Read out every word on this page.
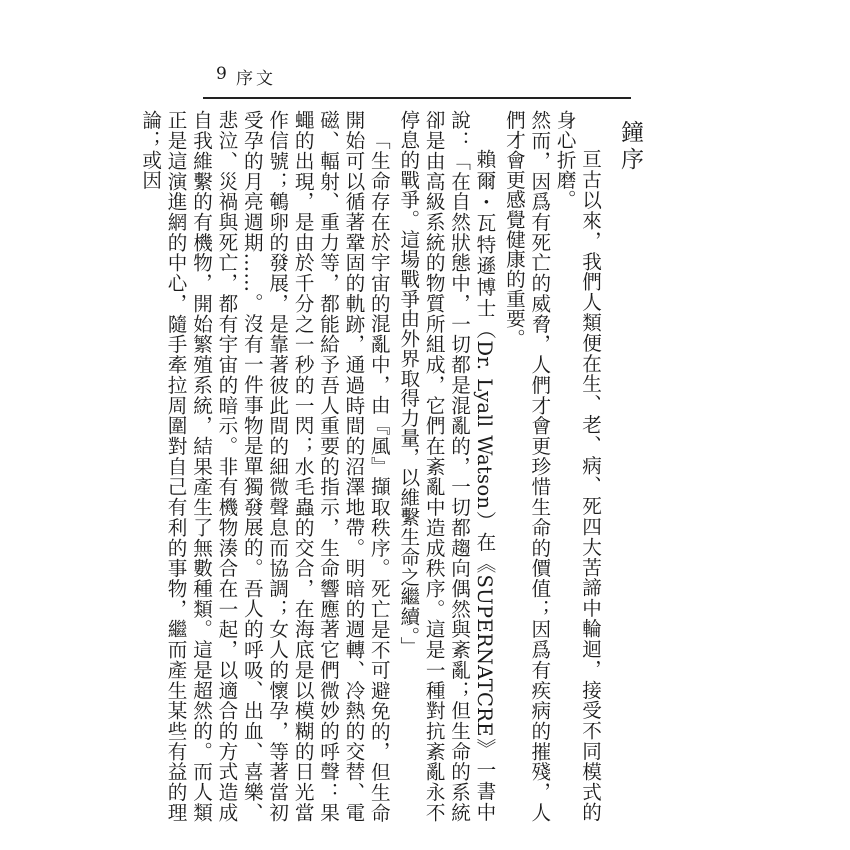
9 序文
鐘序

亘古以來，我們人類便在生、老、病、死四大苦諦中輪迴，接受不同模式的身心折磨。

然而，因爲有死亡的威脅，人們才會更珍惜生命的價值；因爲有疾病的摧殘，人們才會更感覺健康的重要。

賴爾・瓦特遜博士（Dr. Lyall Watson）在《SUPERNATCRE》一書中說：「在自然狀態中，一切都是混亂的，一切都趨向偶然與紊亂；但生命的系統卻是由高級系統的物質所組成，它們在紊亂中造成秩序。這是一種對抗紊亂永不停息的戰爭。這場戰爭由外界取得力量，以維繫生命之繼續。」

「生命存在於宇宙的混亂中，由『風』擷取秩序。死亡是不可避免的，但生命開始可以循著鞏固的軌跡，通過時間的沼澤地帶。明暗的週轉、冷熱的交替、電磁、輻射、重力等，都能給予吾人重要的指示，生命響應著它們微妙的呼聲：果蠅的出現，是由於千分之一秒的一閃；水毛蟲的交合，在海底是以模糊的日光當作信號；鵪卵的發展，是靠著彼此間的細微聲息而協調；女人的懷孕，等著當初受孕的月亮週期……。沒有一件事物是單獨發展的。吾人的呼吸、出血、喜樂、悲泣、災禍與死亡，都有宇宙的暗示。非有機物湊合在一起，以適合的方式造成自我維繫的有機物，開始繁殖系統，結果產生了無數種類。這是超然的。而人類正是這演進網的中心，隨手牽拉周圍對自己有利的事物，繼而產生某些有益的理論；或因
